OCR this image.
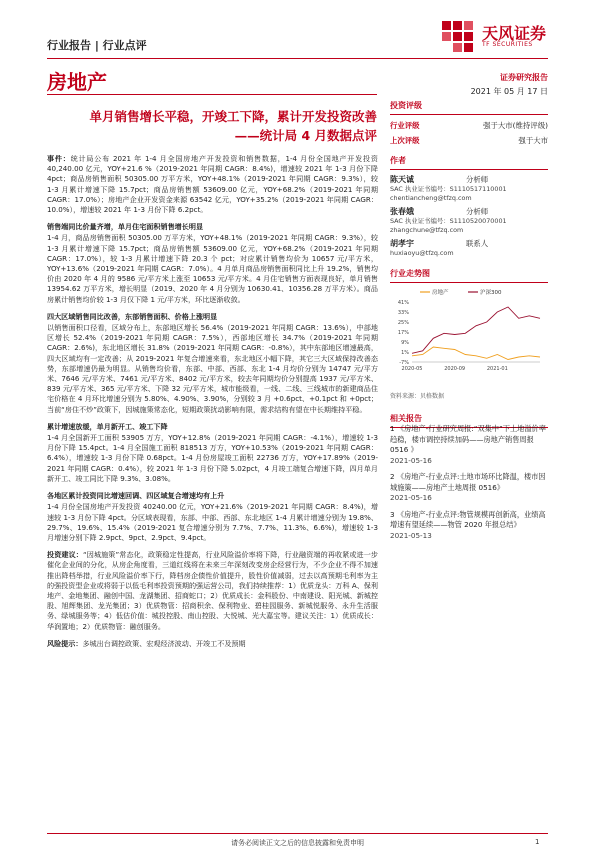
行业报告 | 行业点评
天风证券
TF SECURITIES
房地产	证券研究报告
2021 年 05 月 17 日
单月销售增长平稳，开竣工下降，累计开发投资改善
——统计局 4 月数据点评

事件：统计局公布 2021 年 1-4 月全国房地产开发投资和销售数据，1-4 月份全国地产开发投资 40,240.00 亿元，YOY+21.6 %（2019-2021 年同期 CAGR：8.4%)，增速较 2021 年 1-3 月份下降 4pct；商品房销售面积 50305.00 万平方米，YOY+48.1%（2019-2021 年同期 CAGR：9.3%），较 1-3 月累计增速下降 15.7pct；商品房销售额 53609.00 亿元，YOY+68.2%（2019-2021 年同期 CAGR：17.0%）；房地产企业开发资金来源 63542 亿元，YOY+35.2%（2019-2021 年同期 CAGR：10.0%），增速较 2021 年 1-3 月份下降 6.2pct。

销售端同比价量齐增，单月住宅面积销售增长明显

1-4 月，商品房销售面积 50305.00 万平方米，YOY+48.1%（2019-2021 年同期 CAGR：9.3%），较 1-3 月累计增速下降 15.7pct；商品房销售额 53609.00 亿元，YOY+68.2%（2019-2021 年同期 CAGR：17.0%），较 1-3 月累计增速下降 20.3 个 pct；对应累计销售均价为 10657 元/平方米，YOY+13.6%（2019-2021 年同期 CAGR：7.0%）。4 月单月商品房销售面积同比上升 19.2%，销售均价由 2020 年 4 月的 9586 元/平方米上涨至 10653 元/平方米。4 月住宅销售方面表现良好，单月销售 13954.62 万平方米，增长明显（2019、2020 年 4 月分别为 10630.41、10356.28 万平方米）。商品房累计销售均价较 1-3 月仅下降 1 元/平方米，环比逐渐收敛。

四大区域销售同比改善，东部销售面积、价格上涨明显

以销售面积口径看，区域分布上，东部地区增长 56.4%（2019-2021 年同期 CAGR：13.6%），中部地区增长 52.4%（2019-2021 年同期 CAGR：7.5%），西部地区增长 34.7%（2019-2021 年同期 CAGR：2.6%)，东北地区增长 31.8%（2019-2021 年同期 CAGR：-0.8%），其中东部地区增速最高，四大区域均有一定改善；从 2019-2021 年复合增速来看，东北地区小幅下降，其它三大区域保持改善态势，东部增速仍最为明显。从销售均价看，东部、中部、西部、东北 1-4 月均价分别为 14747 元/平方米、7646 元/平方米、7461 元/平方米、8402 元/平方米，较去年同期均价分别提高 1937 元/平方米、839 元/平方米、365 元/平方米、下降 32 元/平方米，城市能级看，一线、二线、三线城市的新建商品住宅价格在 4 月环比增速分别为 5.80%、4.90%、3.90%，分别较 3 月 +0.6pct、+0.1pct 和 +0pct；当前“房住不炒”政策下，因城施策常态化，短期政策扰动影响有限，需求结构有望在中长期维持平稳。

累计增速放缓，单月新开工、竣工下降

1-4 月全国新开工面积 53905 万方，YOY+12.8%（2019-2021 年同期 CAGR：-4.1%），增速较 1-3 月份下降 15.4pct。1-4 月全国施工面积 818513 万方，YOY+10.53%（2019-2021 年同期 CAGR：6.4%），增速较 1-3 月份下降 0.68pct。1-4 月份房屋竣工面积 22736 万方，YOY+17.89%（2019-2021 年同期 CAGR：0.4%），较 2021 年 1-3 月份下降 5.02pct，4 月竣工端复合增速下降，四月单月新开工、竣工同比下降 9.3%、3.08%。

各地区累计投资同比增速回调、四区域复合增速均有上升

1-4 月份全国房地产开发投资 40240.00 亿元，YOY+21.6%（2019-2021 年同期 CAGR：8.4%)，增速较 1-3 月份下降 4pct。分区域表现看，东部、中部、西部、东北地区 1-4 月累计增速分别为 19.8%、29.7%、19.6%、15.4%（2019-2021 复合增速分别为 7.7%、7.7%、11.3%、6.6%)，增速较 1-3 月增速分别下降 2.9pct、9pct、2.9pct、9.4pct。

投资建议：“因城施策”常态化，政策稳定性提高，行业风险溢价率将下降，行业融资端的再收紧或进一步催化企业间的分化，从房企角度看，三道红线将在未来三年深刻改变房企经营行为，不少企业不得不加速推出降档举措，行业风险溢价率下行，降档房企债性价值提升，股性价值减弱，过去以高预期毛利率为主的强投资型企业或将弱于以低毛利率投资预期的强运营公司，我们持续推荐：1）优质龙头：万科 A、保利地产、金地集团、融创中国、龙湖集团、招商蛇口；2）优质成长：金科股份、中南建设、阳光城、新城控股、旭辉集团、龙光集团；3）优质物管：招商积余、保利物业、碧桂园服务、新城悦服务、永升生活服务、绿城服务等；4）低估价值：城投控股、南山控股、大悦城、光大嘉宝等。建议关注：1）优质成长：华润置地；2）优质物管：融创服务。

风险提示：多城出台调控政策、宏观经济波动、开竣工不及预期

投资评级
行业评级	强于大市(维持评级)
上次评级	强于大市
作者
陈天诚	分析师
SAC 执业证书编号：S1110517110001
chentiancheng@tfzq.com
张春娥	分析师
SAC 执业证书编号：S1110520070001
zhangchune@tfzq.com
胡孝宇	联系人
huxiaoyu@tfzq.com
行业走势图
-7%
1%
9%
17%
25%
33%
41%
2020-05	2020-09	2021-01
房地产	沪深300
资料来源：贝格数据
相关报告
1 《房地产-行业研究周报:“双集中”下土地溢价率趋稳，楼市调控持续加码——房地产销售周报 0516 》
2021-05-16
2 《房地产-行业点评:土地市场环比降温，楼市因城施策——房地产土地周报 0516》
2021-05-16
3 《房地产-行业点评:物管规模再创新高，业绩高增速有望延续——物管 2020 年报总结》
2021-05-13
请务必阅读正文之后的信息披露和免责申明	1
